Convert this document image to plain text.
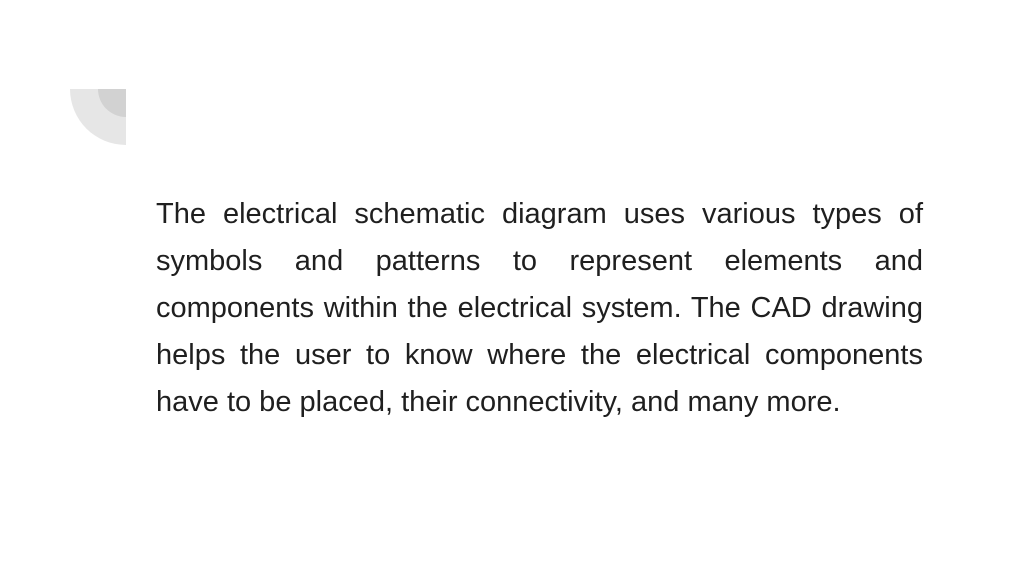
The electrical schematic diagram uses various types of symbols and patterns to represent elements and components within the electrical system. The CAD drawing helps the user to know where the electrical components have to be placed, their connectivity, and many more.
